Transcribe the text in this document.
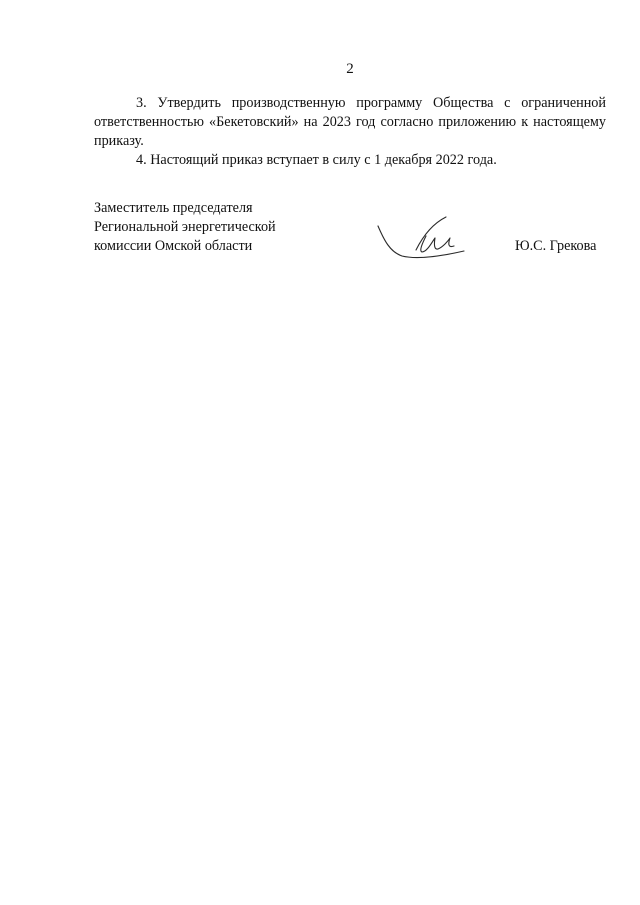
2

3. Утвердить производственную программу Общества с ограниченной ответственностью «Бекетовский» на 2023 год согласно приложению к настоящему приказу.

4. Настоящий приказ вступает в силу с 1 декабря 2022 года.

Заместитель председателя
Региональной энергетической
комиссии Омской области	Ю.С. Грекова
